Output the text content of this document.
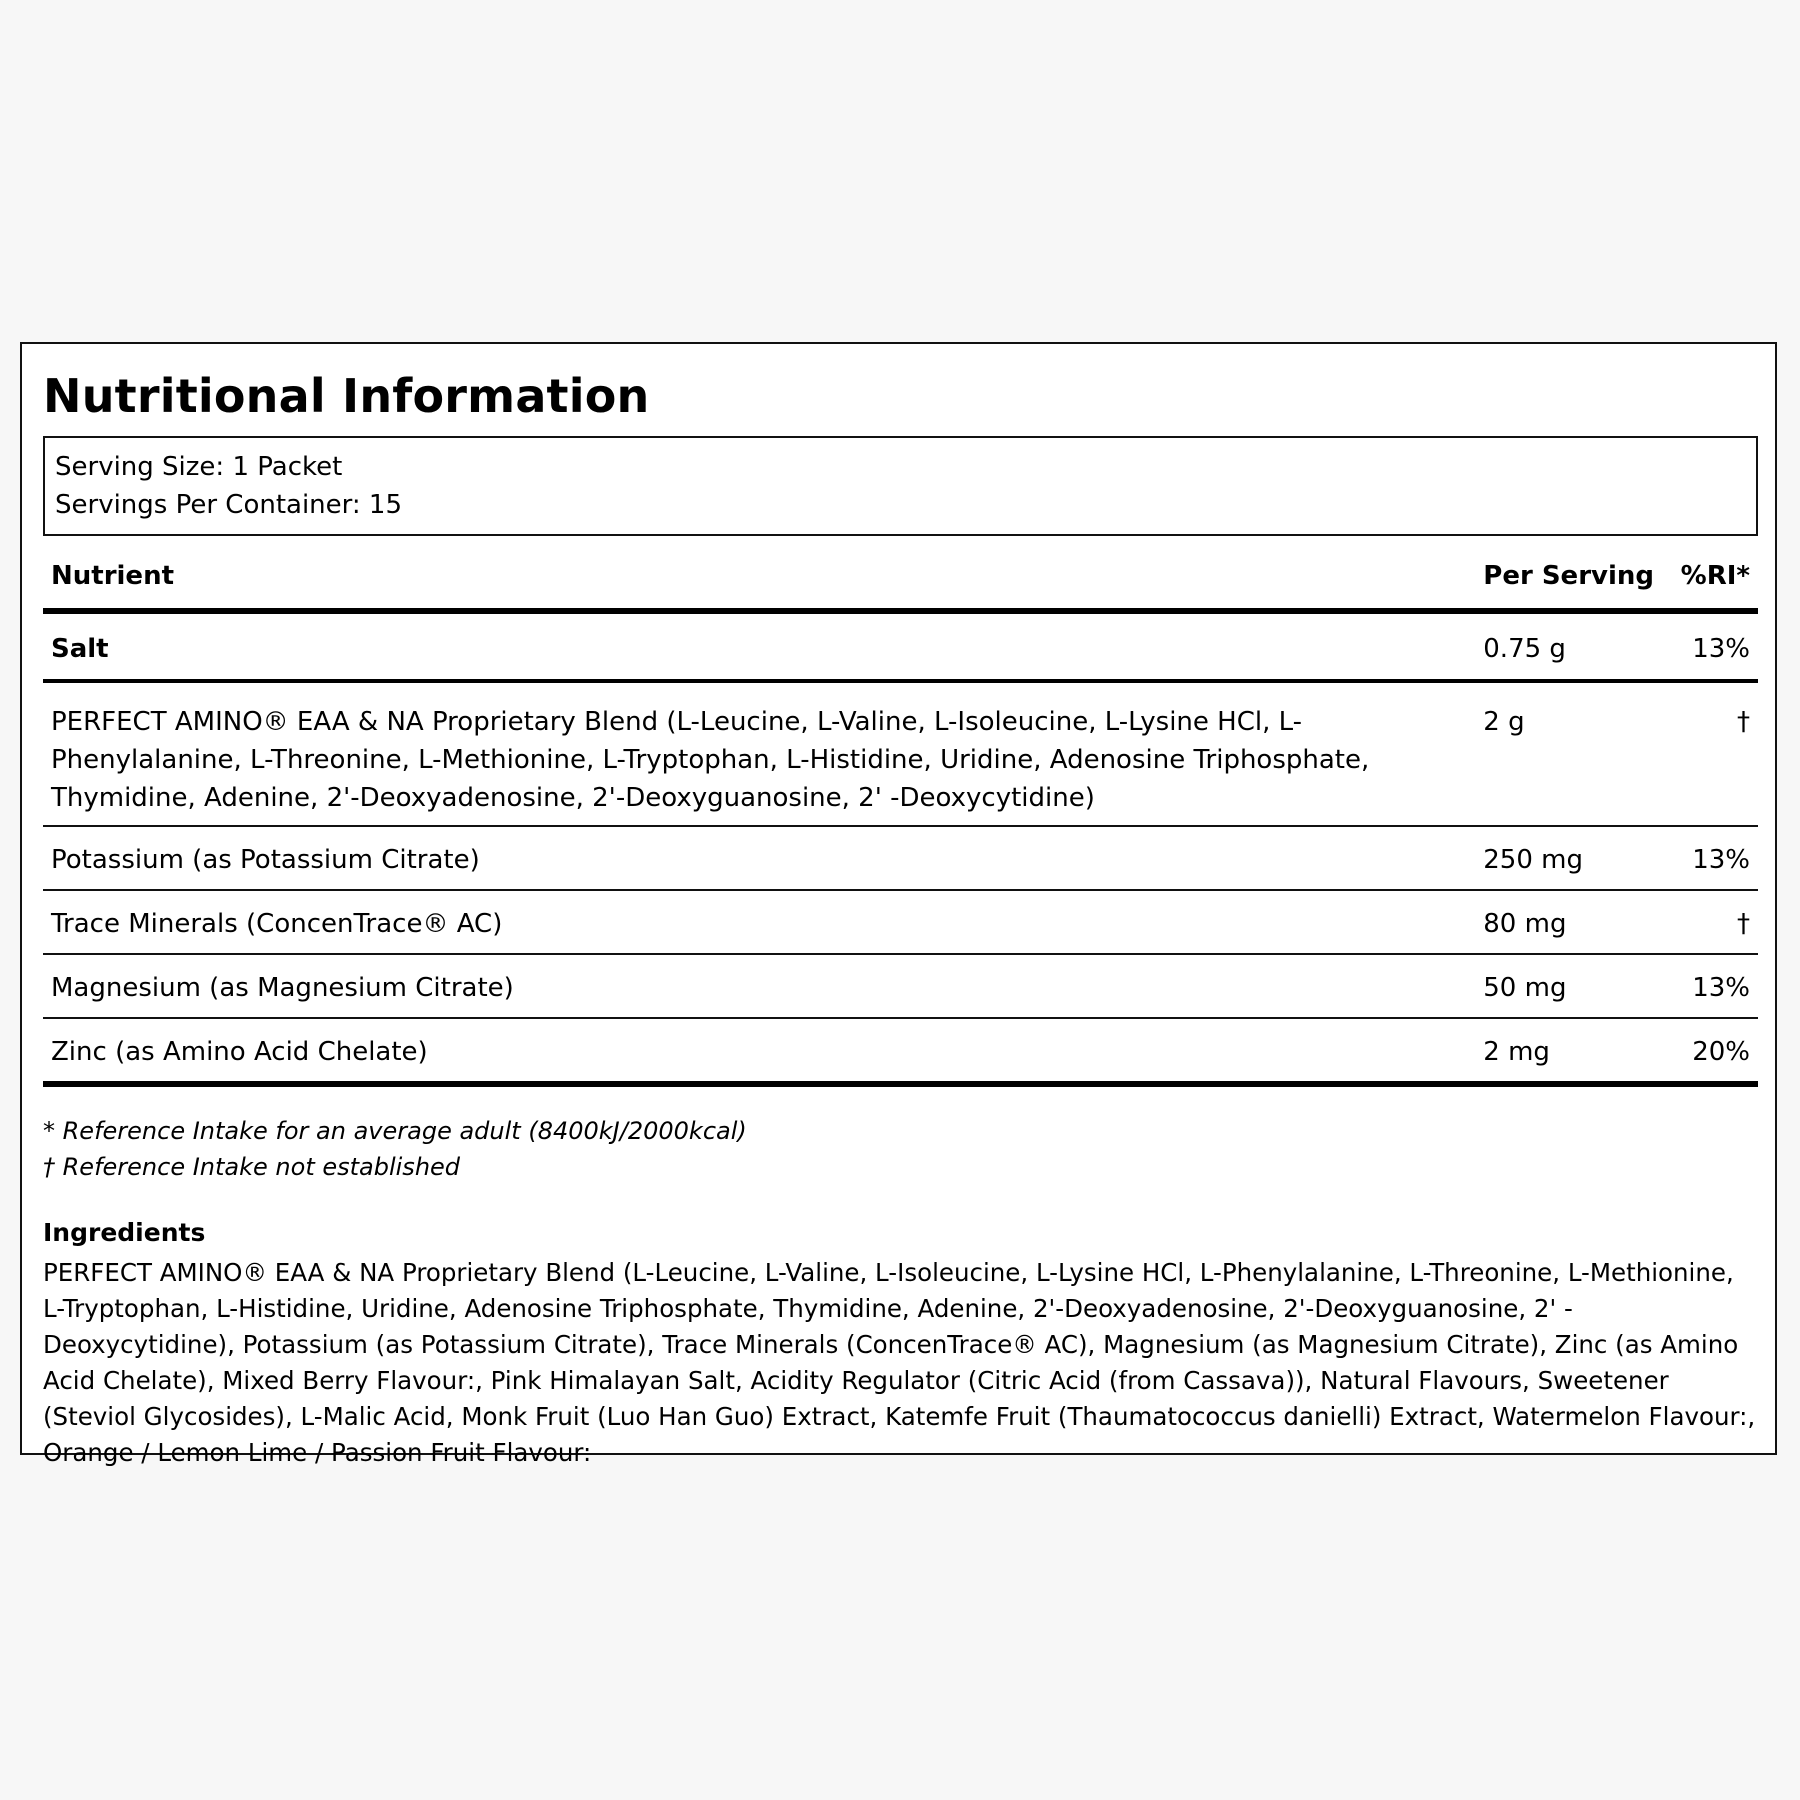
Nutritional Information
Serving Size: 1 Packet
Servings Per Container: 15
Nutrient	Per Serving	%RI*
Salt	0.75 g	13%
PERFECT AMINO® EAA & NA Proprietary Blend (L-Leucine, L-Valine, L-Isoleucine, L-Lysine HCl, L-Phenylalanine, L-Threonine, L-Methionine, L-Tryptophan, L-Histidine, Uridine, Adenosine Triphosphate, Thymidine, Adenine, 2'-Deoxyadenosine, 2'-Deoxyguanosine, 2' -Deoxycytidine)	2 g	†
Potassium (as Potassium Citrate)	250 mg	13%
Trace Minerals (ConcenTrace® AC)	80 mg	†
Magnesium (as Magnesium Citrate)	50 mg	13%
Zinc (as Amino Acid Chelate)	2 mg	20%
* Reference Intake for an average adult (8400kJ/2000kcal)
† Reference Intake not established
Ingredients
PERFECT AMINO® EAA & NA Proprietary Blend (L-Leucine, L-Valine, L-Isoleucine, L-Lysine HCl, L-Phenylalanine, L-Threonine, L-Methionine, L-Tryptophan, L-Histidine, Uridine, Adenosine Triphosphate, Thymidine, Adenine, 2'-Deoxyadenosine, 2'-Deoxyguanosine, 2' -Deoxycytidine), Potassium (as Potassium Citrate), Trace Minerals (ConcenTrace® AC), Magnesium (as Magnesium Citrate), Zinc (as Amino Acid Chelate), Mixed Berry Flavour:, Pink Himalayan Salt, Acidity Regulator (Citric Acid (from Cassava)), Natural Flavours, Sweetener (Steviol Glycosides), L-Malic Acid, Monk Fruit (Luo Han Guo) Extract, Katemfe Fruit (Thaumatococcus danielli) Extract, Watermelon Flavour:, Orange / Lemon Lime / Passion Fruit Flavour:
